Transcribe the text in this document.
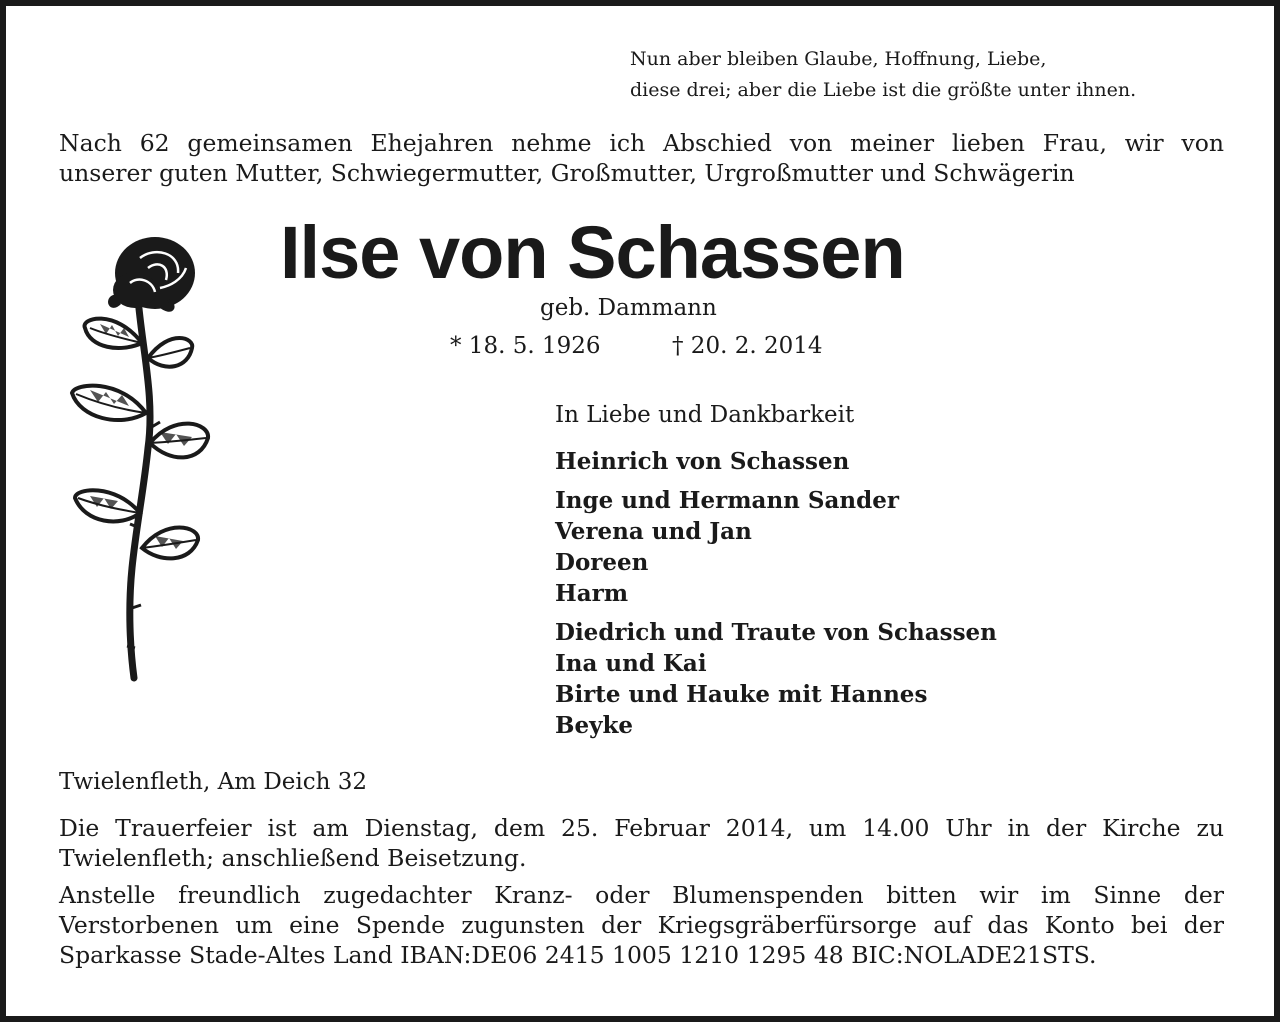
Nun aber bleiben Glaube, Hoffnung, Liebe,
diese drei; aber die Liebe ist die größte unter ihnen.
Nach 62 gemeinsamen Ehejahren nehme ich Abschied von meiner lieben Frau, wir von
unserer guten Mutter, Schwiegermutter, Großmutter, Urgroßmutter und Schwägerin
Ilse von Schassen
geb. Dammann
* 18. 5. 1926	† 20. 2. 2014
In Liebe und Dankbarkeit
Heinrich von Schassen
Inge und Hermann Sander
Verena und Jan
Doreen
Harm
Diedrich und Traute von Schassen
Ina und Kai
Birte und Hauke mit Hannes
Beyke
Twielenfleth, Am Deich 32
Die Trauerfeier ist am Dienstag, dem 25. Februar 2014, um 14.00 Uhr in der Kirche zu
Twielenfleth; anschließend Beisetzung.
Anstelle freundlich zugedachter Kranz- oder Blumenspenden bitten wir im Sinne der
Verstorbenen um eine Spende zugunsten der Kriegsgräberfürsorge auf das Konto bei der
Sparkasse Stade-Altes Land IBAN:DE06 2415 1005 1210 1295 48 BIC:NOLADE21STS.
